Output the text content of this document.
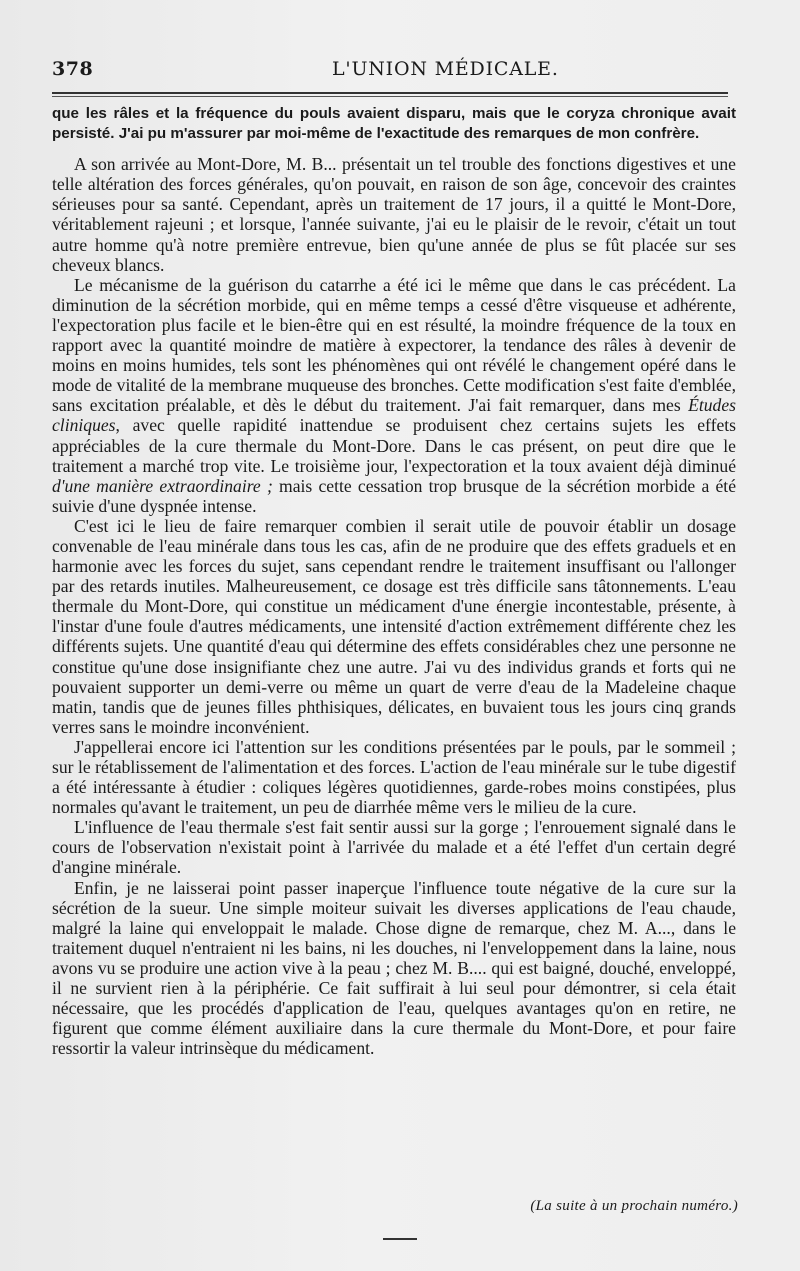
378	L'UNION MÉDICALE.

que les râles et la fréquence du pouls avaient disparu, mais que le coryza chronique avait persisté. J'ai pu m'assurer par moi-même de l'exactitude des remarques de mon confrère.

A son arrivée au Mont-Dore, M. B... présentait un tel trouble des fonctions digestives et une telle altération des forces générales, qu'on pouvait, en raison de son âge, concevoir des craintes sérieuses pour sa santé. Cependant, après un traitement de 17 jours, il a quitté le Mont-Dore, véritablement rajeuni ; et lorsque, l'année suivante, j'ai eu le plaisir de le revoir, c'était un tout autre homme qu'à notre première entrevue, bien qu'une année de plus se fût placée sur ses cheveux blancs.

Le mécanisme de la guérison du catarrhe a été ici le même que dans le cas précédent. La diminution de la sécrétion morbide, qui en même temps a cessé d'être visqueuse et adhérente, l'expectoration plus facile et le bien-être qui en est résulté, la moindre fréquence de la toux en rapport avec la quantité moindre de matière à expectorer, la tendance des râles à devenir de moins en moins humides, tels sont les phénomènes qui ont révélé le changement opéré dans le mode de vitalité de la membrane muqueuse des bronches. Cette modification s'est faite d'emblée, sans excitation préalable, et dès le début du traitement. J'ai fait remarquer, dans mes Études cliniques, avec quelle rapidité inattendue se produisent chez certains sujets les effets appréciables de la cure thermale du Mont-Dore. Dans le cas présent, on peut dire que le traitement a marché trop vite. Le troisième jour, l'expectoration et la toux avaient déjà diminué d'une manière extraordinaire ; mais cette cessation trop brusque de la sécrétion morbide a été suivie d'une dyspnée intense.

C'est ici le lieu de faire remarquer combien il serait utile de pouvoir établir un dosage convenable de l'eau minérale dans tous les cas, afin de ne produire que des effets graduels et en harmonie avec les forces du sujet, sans cependant rendre le traitement insuffisant ou l'allonger par des retards inutiles. Malheureusement, ce dosage est très difficile sans tâtonnements. L'eau thermale du Mont-Dore, qui constitue un médicament d'une énergie incontestable, présente, à l'instar d'une foule d'autres médicaments, une intensité d'action extrêmement différente chez les différents sujets. Une quantité d'eau qui détermine des effets considérables chez une personne ne constitue qu'une dose insignifiante chez une autre. J'ai vu des individus grands et forts qui ne pouvaient supporter un demi-verre ou même un quart de verre d'eau de la Madeleine chaque matin, tandis que de jeunes filles phthisiques, délicates, en buvaient tous les jours cinq grands verres sans le moindre inconvénient.

J'appellerai encore ici l'attention sur les conditions présentées par le pouls, par le sommeil ; sur le rétablissement de l'alimentation et des forces. L'action de l'eau minérale sur le tube digestif a été intéressante à étudier : coliques légères quotidiennes, garde-robes moins constipées, plus normales qu'avant le traitement, un peu de diarrhée même vers le milieu de la cure.

L'influence de l'eau thermale s'est fait sentir aussi sur la gorge ; l'enrouement signalé dans le cours de l'observation n'existait point à l'arrivée du malade et a été l'effet d'un certain degré d'angine minérale.

Enfin, je ne laisserai point passer inaperçue l'influence toute négative de la cure sur la sécrétion de la sueur. Une simple moiteur suivait les diverses applications de l'eau chaude, malgré la laine qui enveloppait le malade. Chose digne de remarque, chez M. A..., dans le traitement duquel n'entraient ni les bains, ni les douches, ni l'enveloppement dans la laine, nous avons vu se produire une action vive à la peau ; chez M. B.... qui est baigné, douché, enveloppé, il ne survient rien à la périphérie. Ce fait suffirait à lui seul pour démontrer, si cela était nécessaire, que les procédés d'application de l'eau, quelques avantages qu'on en retire, ne figurent que comme élément auxiliaire dans la cure thermale du Mont-Dore, et pour faire ressortir la valeur intrinsèque du médicament.

(La suite à un prochain numéro.)
